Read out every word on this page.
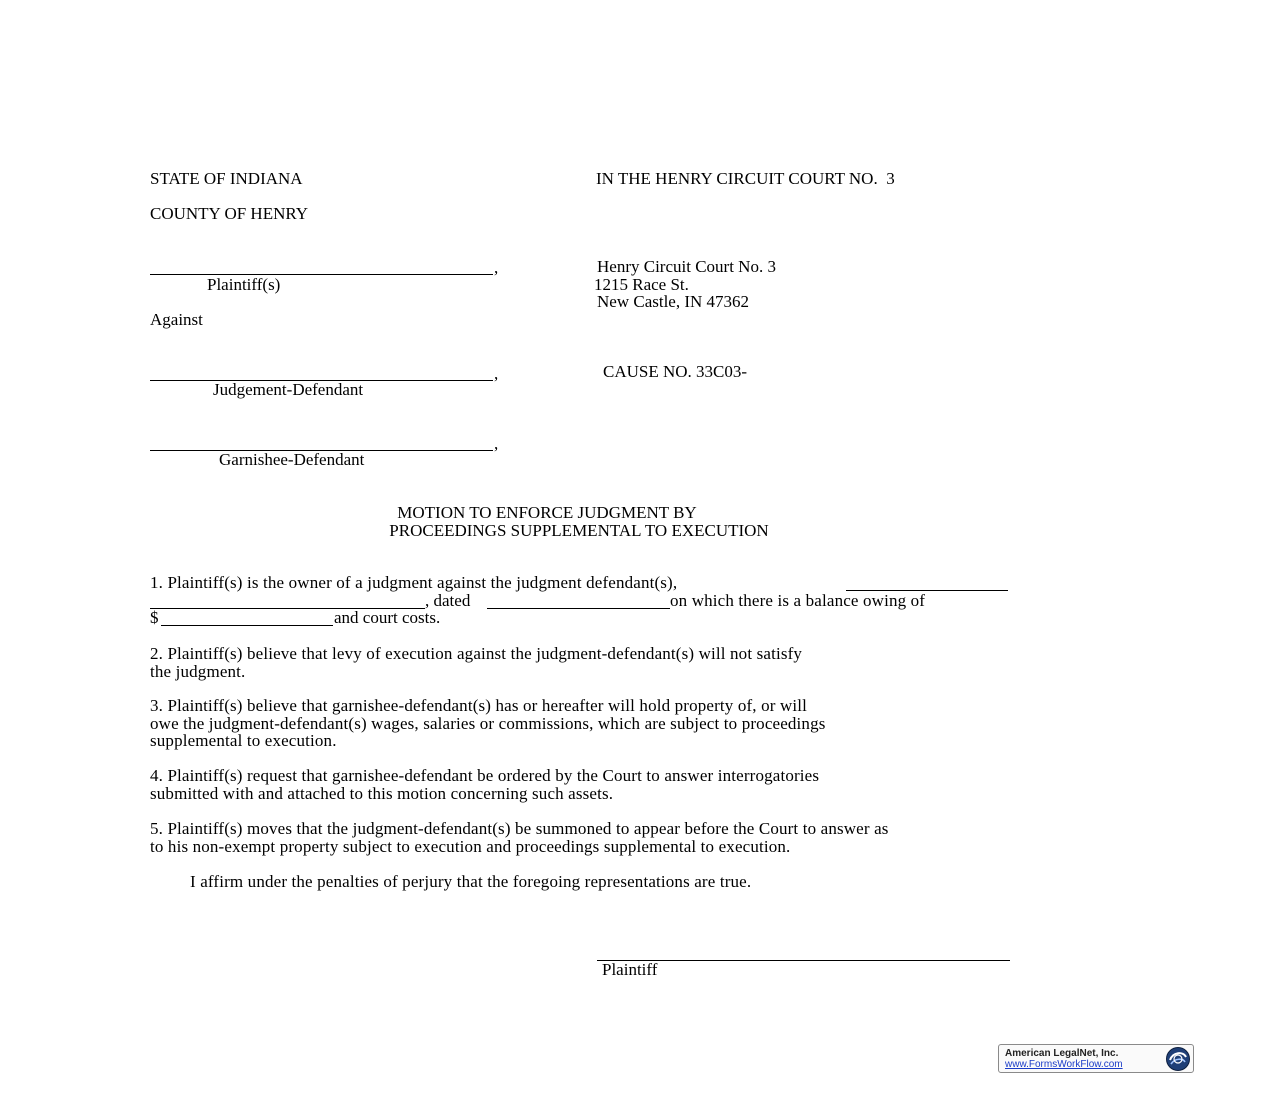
STATE OF INDIANA	IN THE HENRY CIRCUIT COURT NO.  3
COUNTY OF HENRY
,
Plaintiff(s)
Against
Henry Circuit Court No. 3
1215 Race St.
New Castle, IN 47362
,
Judgement-Defendant
CAUSE NO. 33C03-
,
Garnishee-Defendant
MOTION TO ENFORCE JUDGMENT BY
PROCEEDINGS SUPPLEMENTAL TO EXECUTION
1. Plaintiff(s) is the owner of a judgment against the judgment defendant(s),
, dated	on which there is a balance owing of
$	and court costs.
2. Plaintiff(s) believe that levy of execution against the judgment-defendant(s) will not satisfy
the judgment.
3. Plaintiff(s) believe that garnishee-defendant(s) has or hereafter will hold property of, or will
owe the judgment-defendant(s) wages, salaries or commissions, which are subject to proceedings
supplemental to execution.
4. Plaintiff(s) request that garnishee-defendant be ordered by the Court to answer interrogatories
submitted with and attached to this motion concerning such assets.
5. Plaintiff(s) moves that the judgment-defendant(s) be summoned to appear before the Court to answer as
to his non-exempt property subject to execution and proceedings supplemental to execution.
I affirm under the penalties of perjury that the foregoing representations are true.
Plaintiff
American LegalNet, Inc.
www.FormsWorkFlow.com
